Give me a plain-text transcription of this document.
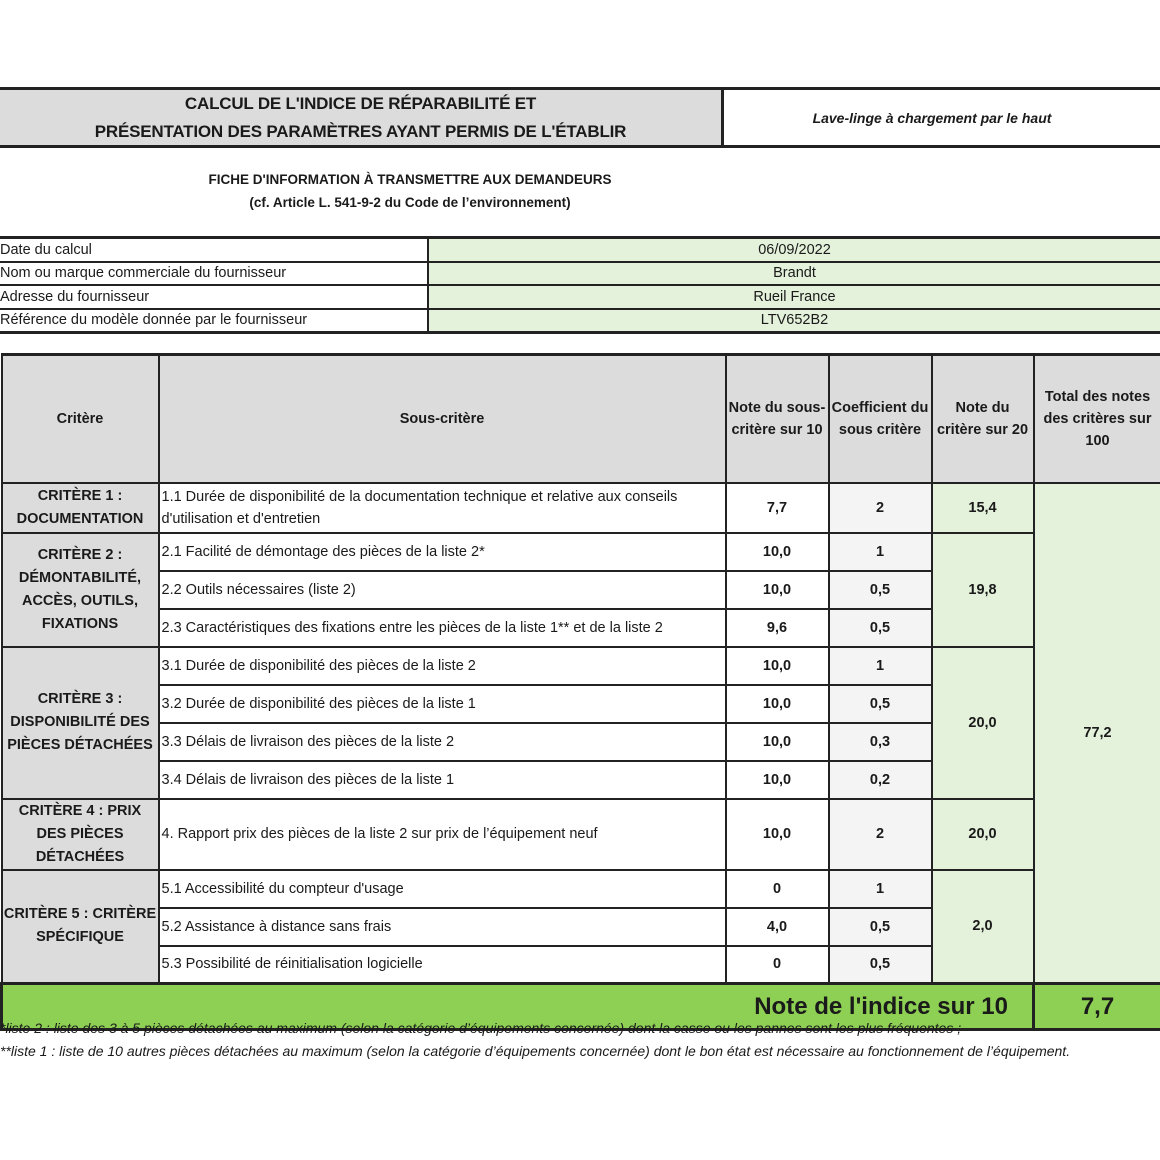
CALCUL DE L'INDICE DE RÉPARABILITÉ ET
PRÉSENTATION DES PARAMÈTRES AYANT PERMIS DE L'ÉTABLIR
Lave-linge à chargement par le haut
FICHE D'INFORMATION À TRANSMETTRE AUX DEMANDEURS
(cf. Article L. 541-9-2 du Code de l’environnement)
Date du calcul	06/09/2022
Nom ou marque commerciale du fournisseur	Brandt
Adresse du fournisseur	Rueil France
Référence du modèle donnée par le fournisseur	LTV652B2
Critère	Sous-critère	Note du sous-critère sur 10	Coefficient du sous critère	Note du critère sur 20	Total des notes des critères sur 100
CRITÈRE 1 : DOCUMENTATION	1.1 Durée de disponibilité de la documentation technique et relative aux conseils d'utilisation et d'entretien	7,7	2	15,4	77,2
CRITÈRE 2 : DÉMONTABILITÉ, ACCÈS, OUTILS, FIXATIONS	2.1 Facilité de démontage des pièces de la liste 2*	10,0	1	19,8	
	2.2 Outils nécessaires (liste 2)	10,0	0,5		
	2.3 Caractéristiques des fixations entre les pièces de la liste 1** et de la liste 2	9,6	0,5		
CRITÈRE 3 : DISPONIBILITÉ DES PIÈCES DÉTACHÉES	3.1 Durée de disponibilité des pièces de la liste 2	10,0	1	20,0	
	3.2 Durée de disponibilité des pièces de la liste 1	10,0	0,5		
	3.3 Délais de livraison des pièces de la liste 2	10,0	0,3		
	3.4 Délais de livraison des pièces de la liste 1	10,0	0,2		
CRITÈRE 4 : PRIX DES PIÈCES DÉTACHÉES	4. Rapport prix des pièces de la liste 2 sur prix de l’équipement neuf	10,0	2	20,0	
CRITÈRE 5 : CRITÈRE SPÉCIFIQUE	5.1 Accessibilité du compteur d'usage	0	1	2,0	
	5.2 Assistance à distance sans frais	4,0	0,5		
	5.3 Possibilité de réinitialisation logicielle	0	0,5		
Note de l'indice sur 10					7,7
*liste 2 : liste des 3 à 5 pièces détachées au maximum (selon la catégorie d’équipements concernée) dont la casse ou les pannes sont les plus fréquentes ;
**liste 1 : liste de 10 autres pièces détachées au maximum (selon la catégorie d’équipements concernée) dont le bon état est nécessaire au fonctionnement de l’équipement.
